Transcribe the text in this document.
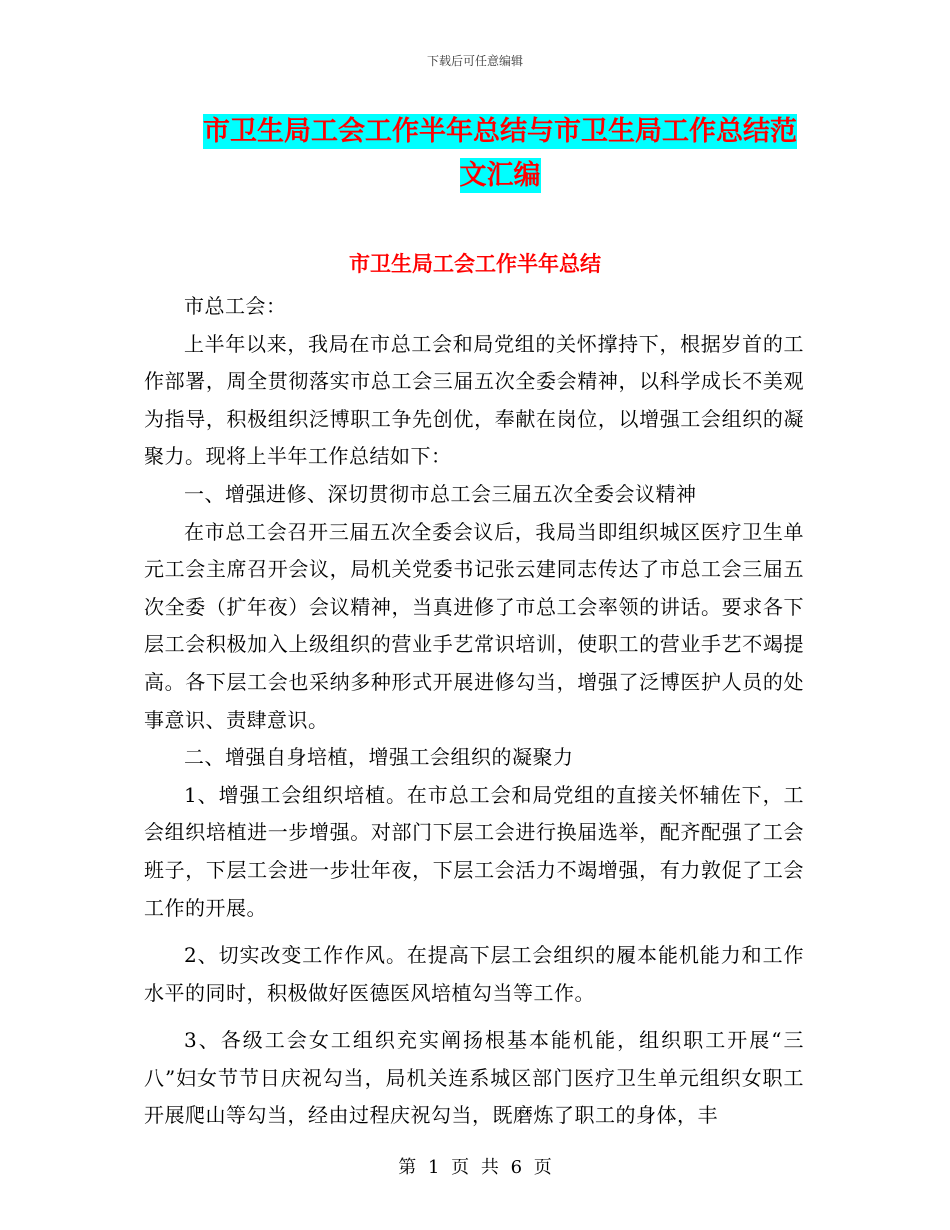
下载后可任意编辑
市卫生局工会工作半年总结与市卫生局工作总结范文汇编
市卫生局工会工作半年总结

市总工会：

上半年以来，我局在市总工会和局党组的关怀撑持下，根据岁首的工作部署，周全贯彻落实市总工会三届五次全委会精神，以科学成长不美观为指导，积极组织泛博职工争先创优，奉献在岗位，以增强工会组织的凝聚力。现将上半年工作总结如下：

一、增强进修、深切贯彻市总工会三届五次全委会议精神

在市总工会召开三届五次全委会议后，我局当即组织城区医疗卫生单元工会主席召开会议，局机关党委书记张云建同志传达了市总工会三届五次全委（扩年夜）会议精神，当真进修了市总工会率领的讲话。要求各下层工会积极加入上级组织的营业手艺常识培训，使职工的营业手艺不竭提高。各下层工会也采纳多种形式开展进修勾当，增强了泛博医护人员的处事意识、责肆意识。

二、增强自身培植，增强工会组织的凝聚力

1、增强工会组织培植。在市总工会和局党组的直接关怀辅佐下，工会组织培植进一步增强。对部门下层工会进行换届选举，配齐配强了工会班子，下层工会进一步壮年夜，下层工会活力不竭增强，有力敦促了工会工作的开展。

2、切实改变工作作风。在提高下层工会组织的履本能机能力和工作水平的同时，积极做好医德医风培植勾当等工作。

3、各级工会女工组织充实阐扬根基本能机能，组织职工开展“三八”妇女节节日庆祝勾当，局机关连系城区部门医疗卫生单元组织女职工开展爬山等勾当，经由过程庆祝勾当，既磨炼了职工的身体，丰

第 1 页 共 6 页
